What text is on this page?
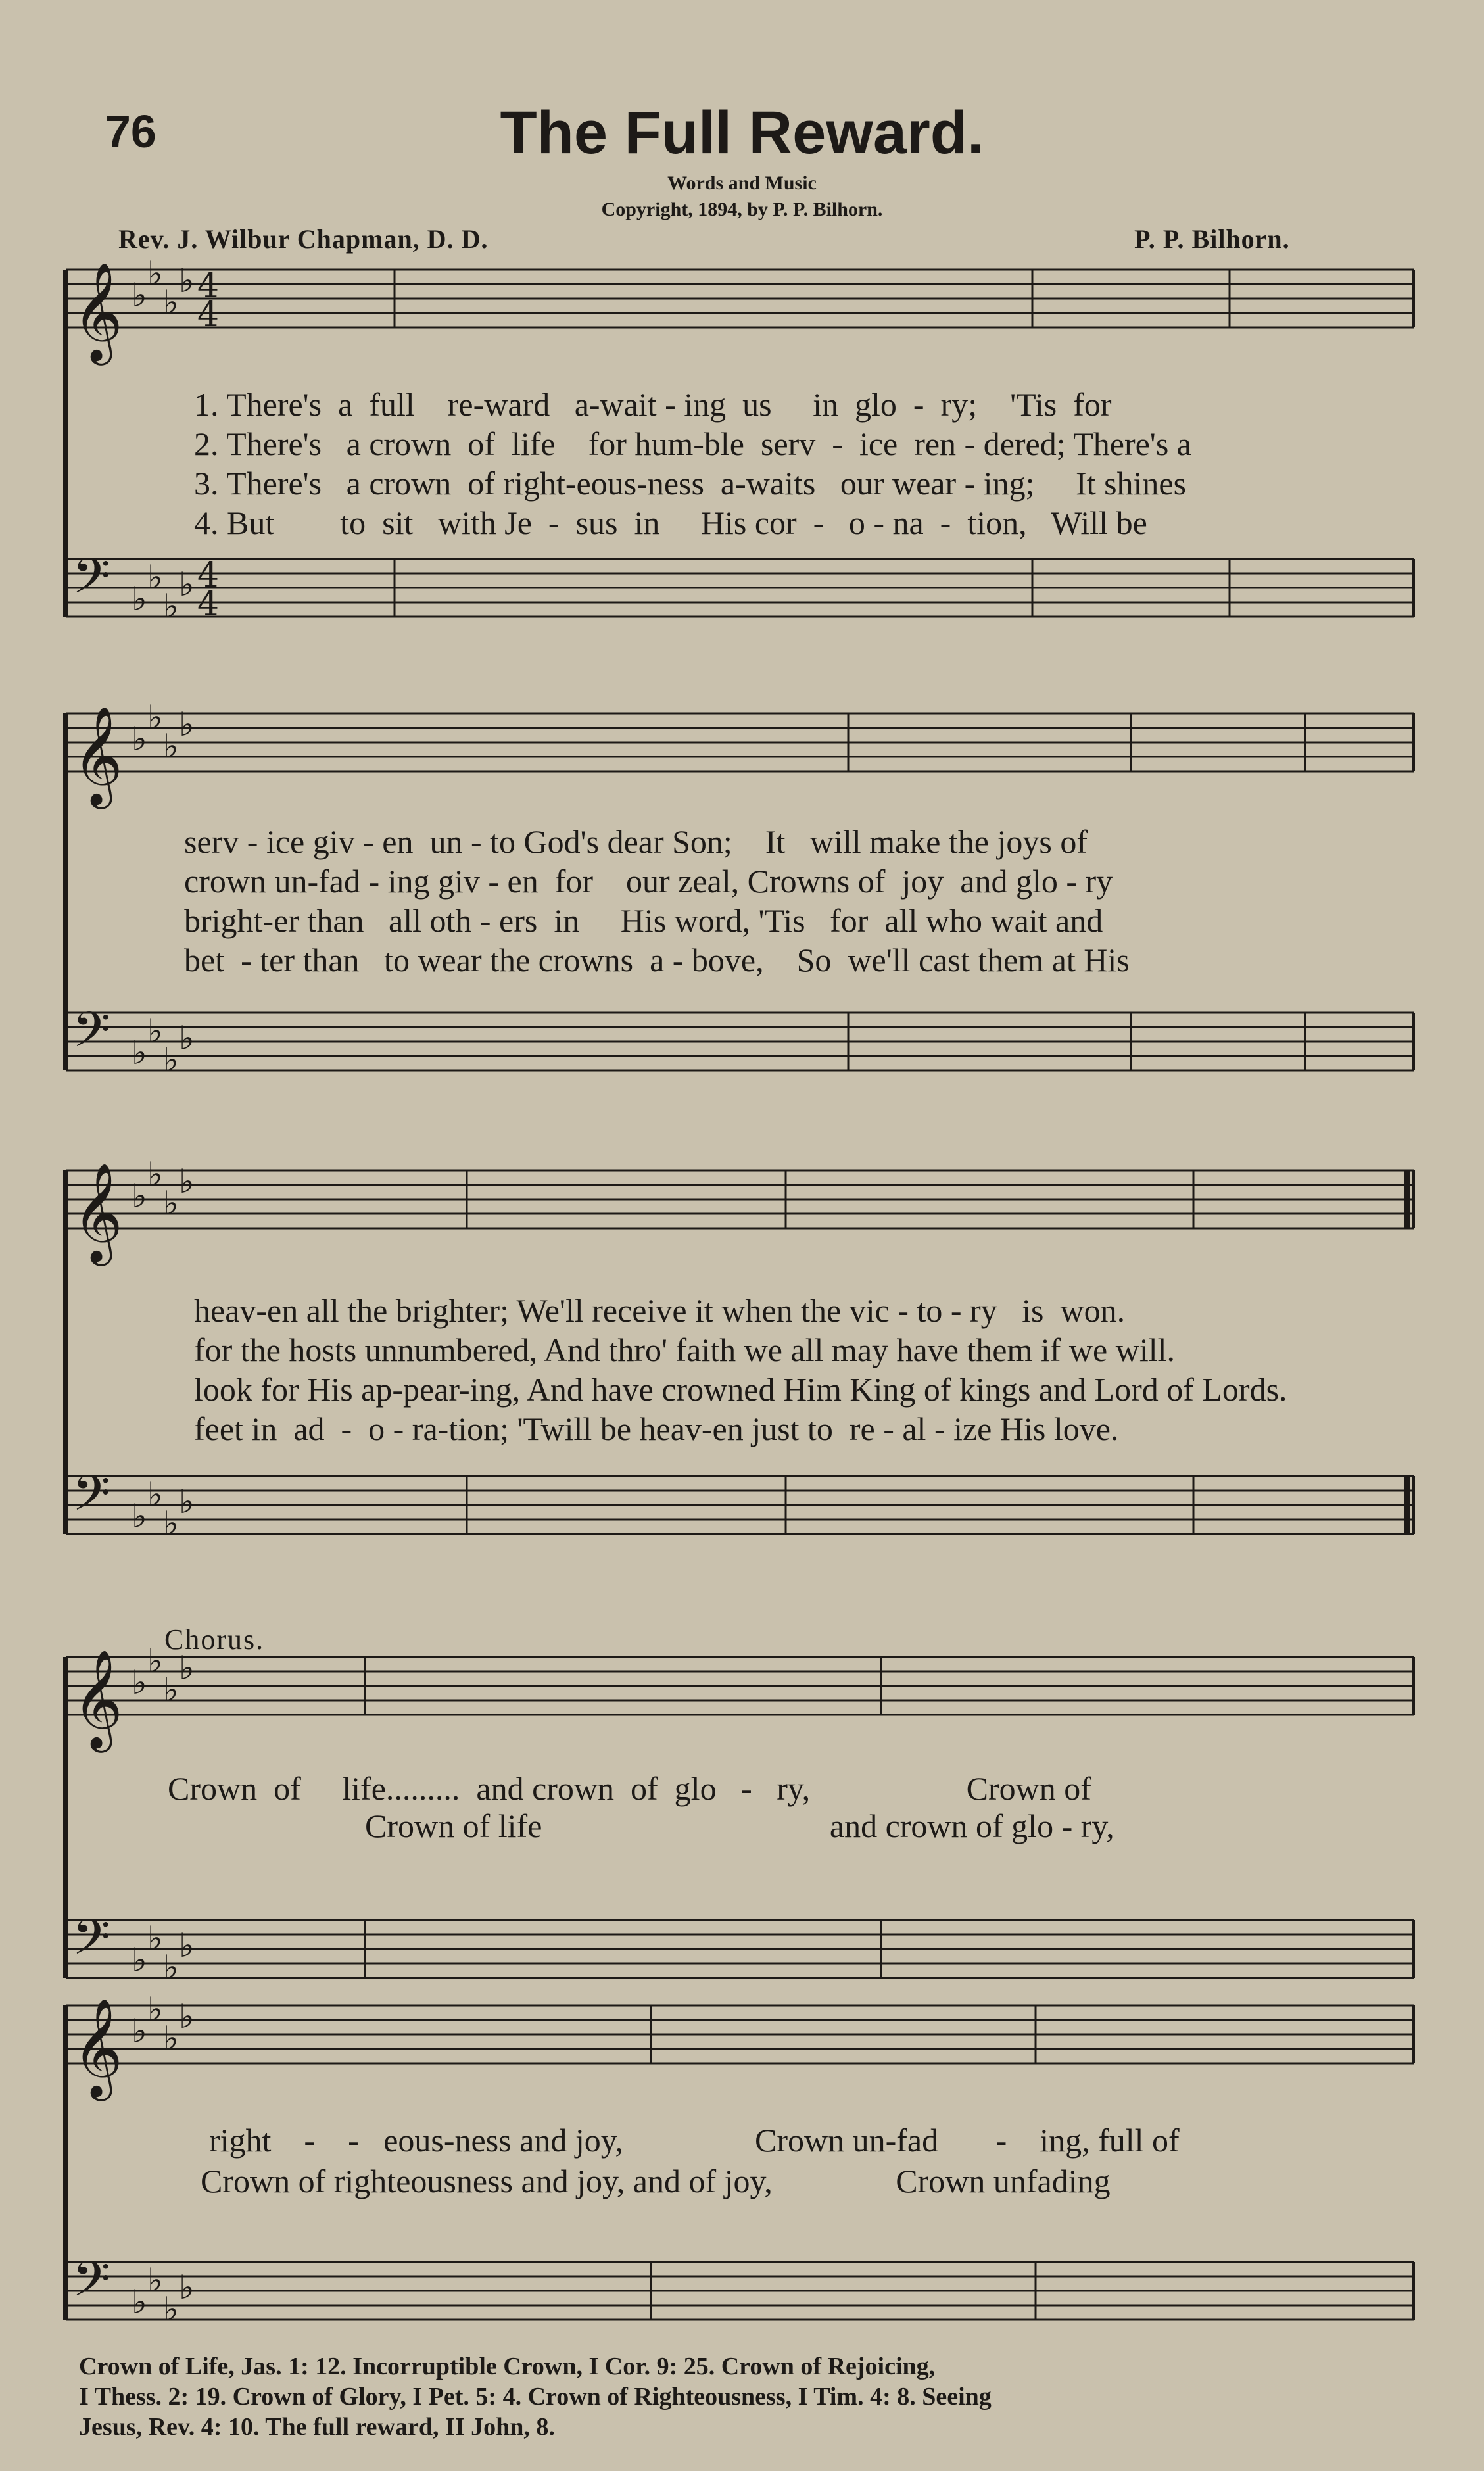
76	The Full Reward.
Words and Music
Copyright, 1894, by P. P. Bilhorn.
Rev. J. Wilbur Chapman, D. D.	P. P. Bilhorn.
𝄞
𝄢
♭
♭
♭
♭
♭
♭
♭
♭
4
4
4
4
𝄞
𝄢
♭
♭
♭
♭
♭
♭
♭
♭
𝄞
𝄢
♭
♭
♭
♭
♭
♭
♭
♭
𝄞
𝄢
♭
♭
♭
♭
♭
♭
♭
♭
𝄞
𝄢
♭
♭
♭
♭
♭
♭
♭
♭
1. There's  a  full    re-ward   a-wait - ing  us     in  glo  -  ry;    'Tis  for
2. There's   a crown  of  life    for hum-ble  serv  -  ice  ren - dered; There's a
3. There's   a crown  of right-eous-ness  a-waits   our wear - ing;     It shines
4. But        to  sit   with Je  -  sus  in     His cor  -   o - na  -  tion,   Will be
serv - ice giv - en  un - to God's dear Son;    It   will make the joys of
crown un-fad - ing giv - en  for    our zeal, Crowns of  joy  and glo - ry
bright-er than   all oth - ers  in     His word, 'Tis   for  all who wait and
bet  - ter than   to wear the crowns  a - bove,    So  we'll cast them at His
heav-en all the brighter; We'll receive it when the vic - to - ry   is  won.
for the hosts unnumbered, And thro' faith we all may have them if we will.
look for His ap-pear-ing, And have crowned Him King of kings and Lord of Lords.
feet in  ad  -  o - ra-tion; 'Twill be heav-en just to  re - al - ize His love.
Chorus.
Crown  of     life.........  and crown  of  glo   -   ry,                   Crown of
Crown of life                                   and crown of glo - ry,
right    -    -   eous-ness and joy,                Crown un-fad       -    ing, full of
Crown of righteousness and joy, and of joy,               Crown unfading
Crown of Life, Jas. 1: 12. Incorruptible Crown, I Cor. 9: 25. Crown of Rejoicing,
I Thess. 2: 19. Crown of Glory, I Pet. 5: 4. Crown of Righteousness, I Tim. 4: 8. Seeing
Jesus, Rev. 4: 10. The full reward, II John, 8.
